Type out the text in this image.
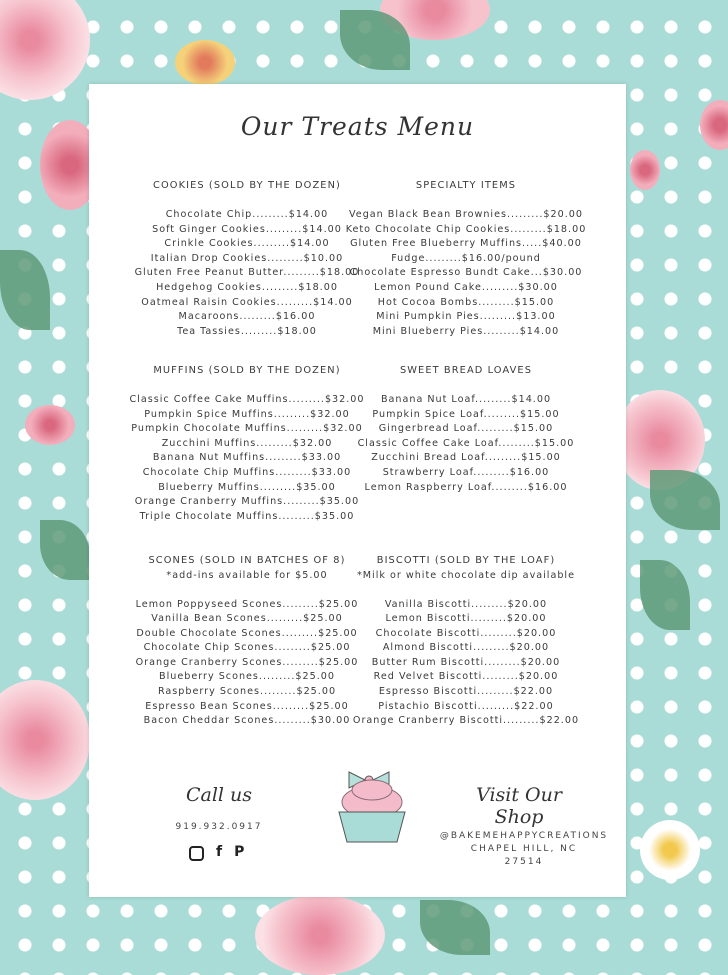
Our Treats Menu
COOKIES (SOLD BY THE DOZEN)
Chocolate Chip.........$14.00
Soft Ginger Cookies.........$14.00
Crinkle Cookies.........$14.00
Italian Drop Cookies.........$10.00
Gluten Free Peanut Butter.........$18.00
Hedgehog Cookies.........$18.00
Oatmeal Raisin Cookies.........$14.00
Macaroons.........$16.00
Tea Tassies.........$18.00
SPECIALTY ITEMS
Vegan Black Bean Brownies.........$20.00
Keto Chocolate Chip Cookies.........$18.00
Gluten Free Blueberry Muffins.....$40.00
Fudge.........$16.00/pound
Chocolate Espresso Bundt Cake...$30.00
Lemon Pound Cake.........$30.00
Hot Cocoa Bombs.........$15.00
Mini Pumpkin Pies.........$13.00
Mini Blueberry Pies.........$14.00
MUFFINS (SOLD BY THE DOZEN)
Classic Coffee Cake Muffins.........$32.00
Pumpkin Spice Muffins.........$32.00
Pumpkin Chocolate Muffins.........$32.00
Zucchini Muffins.........$32.00
Banana Nut Muffins.........$33.00
Chocolate Chip Muffins.........$33.00
Blueberry Muffins.........$35.00
Orange Cranberry Muffins.........$35.00
Triple Chocolate Muffins.........$35.00
SWEET BREAD LOAVES
Banana Nut Loaf.........$14.00
Pumpkin Spice Loaf.........$15.00
Gingerbread Loaf.........$15.00
Classic Coffee Cake Loaf.........$15.00
Zucchini Bread Loaf.........$15.00
Strawberry Loaf.........$16.00
Lemon Raspberry Loaf.........$16.00
SCONES (SOLD IN BATCHES OF 8)
*add-ins available for $5.00
Lemon Poppyseed Scones.........$25.00
Vanilla Bean Scones.........$25.00
Double Chocolate Scones.........$25.00
Chocolate Chip Scones.........$25.00
Orange Cranberry Scones.........$25.00
Blueberry Scones.........$25.00
Raspberry Scones.........$25.00
Espresso Bean Scones.........$25.00
Bacon Cheddar Scones.........$30.00
BISCOTTI (SOLD BY THE LOAF)
*Milk or white chocolate dip available
Vanilla Biscotti.........$20.00
Lemon Biscotti.........$20.00
Chocolate Biscotti.........$20.00
Almond Biscotti.........$20.00
Butter Rum Biscotti.........$20.00
Red Velvet Biscotti.........$20.00
Espresso Biscotti.........$22.00
Pistachio Biscotti.........$22.00
Orange Cranberry Biscotti.........$22.00
Call us
919.932.0917
f P
Visit Our Shop
@BAKEMEHAPPYCREATIONS
CHAPEL HILL, NC
27514
